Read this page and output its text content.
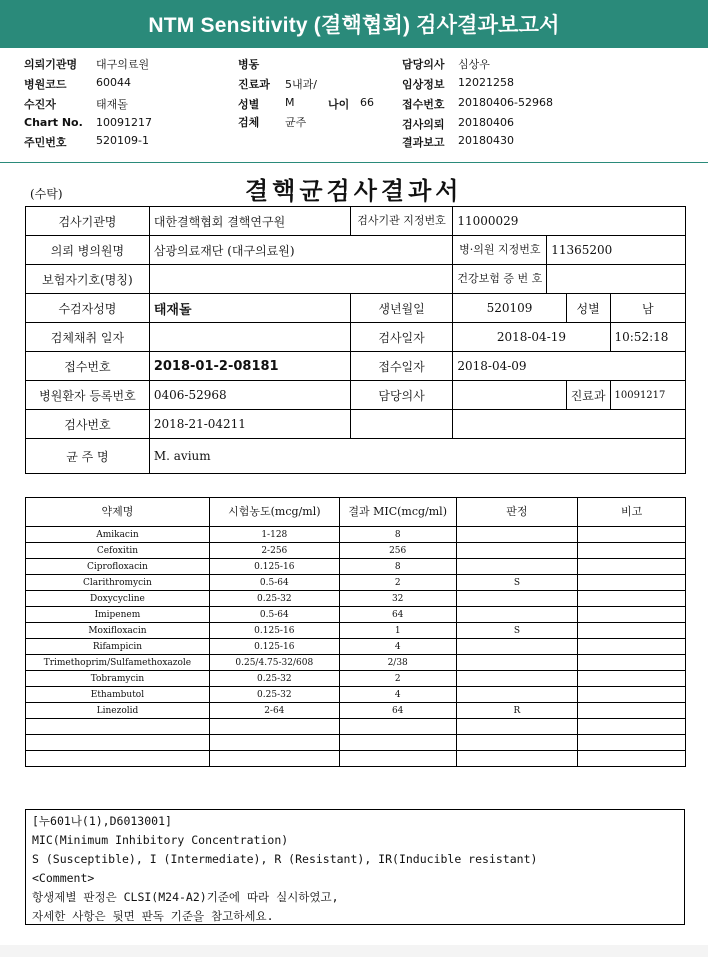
NTM Sensitivity (결핵협회) 검사결과보고서
의뢰기관명 대구의료원
병원코드	60044
수진자	태재돌
Chart No. 10091217
주민번호	520109-1
병동
진료과 5내과/
성별 M	나이 66
검체 균주
담당의사 심상우
임상정보 12021258
접수번호 20180406-52968
검사의뢰 20180406
결과보고 20180430
(수탁)	결핵균검사결과서
검사기관명	대한결핵협회 결핵연구원	검사기관 지정번호	11000029			
의뢰 병의원명	삼광의료재단 (대구의료원)		병·의원 지정번호	11365200		
보험자기호(명칭)			건강보험 증 번 호			
수검자성명	태재돌	생년월일	520109		성별	남
검체채취 일자		검사일자	2018-04-19			10:52:18
접수번호	2018-01-2-08181	접수일자	2018-04-09			
병원환자 등록번호	0406-52968	담당의사			진료과	10091217
검사번호	2018-21-04211					
균 주 명	M. avium					
약제명	시험농도(mcg/ml)	결과 MIC(mcg/ml)	판정	비고
Amikacin	1-128	8		
Cefoxitin	2-256	256		
Ciprofloxacin	0.125-16	8		
Clarithromycin	0.5-64	2	S	
Doxycycline	0.25-32	32		
Imipenem	0.5-64	64		
Moxifloxacin	0.125-16	1	S	
Rifampicin	0.125-16	4		
Trimethoprim/Sulfamethoxazole	0.25/4.75-32/608	2/38		
Tobramycin	0.25-32	2		
Ethambutol	0.25-32	4		
Linezolid	2-64	64	R	

[누601나(1),D6013001]
MIC(Minimum Inhibitory Concentration)
S (Susceptible), I (Intermediate), R (Resistant), IR(Inducible resistant)
<Comment>
항생제별 판정은 CLSI(M24-A2)기준에 따라 실시하였고,
자세한 사항은 뒷면 판독 기준을 참고하세요.
